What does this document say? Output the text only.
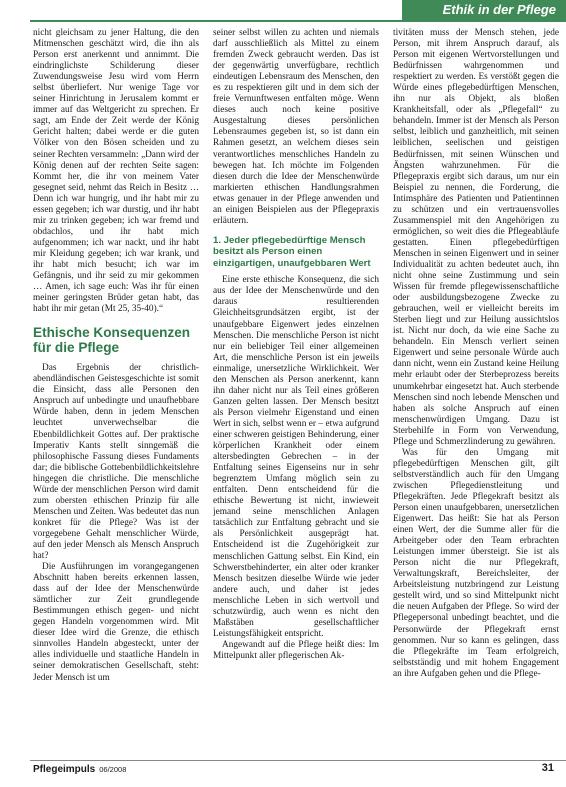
Ethik in der Pflege

nicht gleichsam zu jener Haltung, die den Mitmenschen geschätzt wird, die ihn als Person erst anerkennt und annimmt. Die eindringlichste Schilderung dieser Zuwendungsweise Jesu wird vom Herrn selbst überliefert. Nur wenige Tage vor seiner Hinrichtung in Jerusalem kommt er immer auf das Weltgericht zu sprechen. Er sagt, am Ende der Zeit werde der König Gericht halten; dabei werde er die guten Völker von den Bösen scheiden und zu seiner Rechten versammeln: „Dann wird der König denen auf der rechten Seite sagen: Kommt her, die ihr von meinem Vater gesegnet seid, nehmt das Reich in Besitz … Denn ich war hungrig, und ihr habt mir zu essen gegeben; ich war durstig, und ihr habt mir zu trinken gegeben; ich war fremd und obdachlos, und ihr habt mich aufgenommen; ich war nackt, und ihr habt mir Kleidung gegeben; ich war krank, und ihr habt mich besucht; ich war im Gefängnis, und ihr seid zu mir gekommen … Amen, ich sage euch: Was ihr für einen meiner geringsten Brüder getan habt, das habt ihr mir getan (Mt 25, 35-40).“

Ethische Konsequenzen für die Pflege

Das Ergebnis der christlich-abendländischen Geistesgeschichte ist somit die Einsicht, dass alle Personen den Anspruch auf unbedingte und unaufhebbare Würde haben, denn in jedem Menschen leuchtet unverwechselbar die Ebenbildlichkeit Gottes auf. Der praktische Imperativ Kants stellt sinngemäß die philosophische Fassung dieses Fundaments dar; die biblische Gottebenbildlichkeitslehre hingegen die christliche. Die menschliche Würde der menschlichen Person wird damit zum obersten ethischen Prinzip für alle Menschen und Zeiten. Was bedeutet das nun konkret für die Pflege? Was ist der vorgegebene Gehalt menschlicher Würde, auf den jeder Mensch als Mensch Anspruch hat?

Die Ausführungen im vorangegangenen Abschnitt haben bereits erkennen lassen, dass auf der Idee der Menschenwürde sämtlicher zur Zeit grundlegende Bestimmungen ethisch gegen- und nicht gegen Handeln vorgenommen wird. Mit dieser Idee wird die Grenze, die ethisch sinnvolles Handeln abgesteckt, unter der alles individuelle und staatliche Handeln in seiner demokratischen Gesellschaft, steht: Jeder Mensch ist um

seiner selbst willen zu achten und niemals darf ausschließlich als Mittel zu einem fremden Zweck gebraucht werden. Das ist der gegenwärtig unverfügbare, rechtlich eindeutigen Lebensraum des Menschen, den es zu respektieren gilt und in dem sich der freie Vernunftwesen entfalten möge. Wenn dieses auch noch keine positive Ausgestaltung dieses persönlichen Lebensraumes gegeben ist, so ist dann ein Rahmen gesetzt, an welchem dieses sein verantwortliches menschliches Handeln zu bewegen hat. Ich möchte im Folgenden diesen durch die Idee der Menschenwürde markierten ethischen Handlungsrahmen etwas genauer in der Pflege anwenden und an einigen Beispielen aus der Pflegepraxis erläutern.

1. Jeder pflegebedürftige Mensch besitzt als Person einen einzigartigen, unaufgebbaren Wert

Eine erste ethische Konsequenz, die sich aus der Idee der Menschenwürde und den daraus resultierenden Gleichheitsgrundsätzen ergibt, ist der unaufgebbare Eigenwert jedes einzelnen Menschen. Die menschliche Person ist nicht nur ein beliebiger Teil einer allgemeinen Art, die menschliche Person ist ein jeweils einmalige, unersetzliche Wirklichkeit. Wer den Menschen als Person anerkennt, kann ihn daher nicht nur als Teil eines größeren Ganzen gelten lassen. Der Mensch besitzt als Person vielmehr Eigenstand und einen Wert in sich, selbst wenn er – etwa aufgrund einer schweren geistigen Behinderung, einer körperlichen Krankheit oder einem altersbedingten Gebrechen – in der Entfaltung seines Eigenseins nur in sehr begrenztem Umfang möglich sein zu entfalten. Denn entscheidend für die ethische Bewertung ist nicht, inwieweit jemand seine menschlichen Anlagen tatsächlich zur Entfaltung gebracht und sie als Persönlichkeit ausgeprägt hat. Entscheidend ist die Zugehörigkeit zur menschlichen Gattung selbst. Ein Kind, ein Schwerstbehinderter, ein alter oder kranker Mensch besitzen dieselbe Würde wie jeder andere auch, und daher ist jedes menschliche Leben in sich wertvoll und schutzwürdig, auch wenn es nicht den Maßstäben gesellschaftlicher Leistungsfähigkeit entspricht.

Angewandt auf die Pflege heißt dies: Im Mittelpunkt aller pflegerischen Ak-

tivitäten muss der Mensch stehen, jede Person, mit ihrem Anspruch darauf, als Person mit eigenen Wertvorstellungen und Bedürfnissen wahrgenommen und respektiert zu werden. Es verstößt gegen die Würde eines pflegebedürftigen Menschen, ihn nur als Objekt, als bloßen Krankheitsfall, oder als „Pflegefall“ zu behandeln. Immer ist der Mensch als Person selbst, leiblich und ganzheitlich, mit seinen leiblichen, seelischen und geistigen Bedürfnissen, mit seinen Wünschen und Ängsten wahrzunehmen. Für die Pflegepraxis ergibt sich daraus, um nur ein Beispiel zu nennen, die Forderung, die Intimsphäre des Patienten und Patientinnen zu schützen und ein vertrauensvolles Zusammenspiel mit den Angehörigen zu ermöglichen, so weit dies die Pflegeabläufe gestatten. Einen pflegebedürftigen Menschen in seinen Eigenwert und in seiner Individualität zu achten bedeutet auch, ihn nicht ohne seine Zustimmung und sein Wissen für fremde pflegewissenschaftliche oder ausbildungsbezogene Zwecke zu gebrauchen, weil er vielleicht bereits im Sterben liegt und zur Heilung aussichtslos ist. Nicht nur doch, da wie eine Sache zu behandeln. Ein Mensch verliert seinen Eigenwert und seine personale Würde auch dann nicht, wenn ein Zustand keine Heilung mehr erlaubt oder der Sterbeprozess bereits unumkehrbar eingesetzt hat. Auch sterbende Menschen sind noch lebende Menschen und haben als solche Anspruch auf einen menschenwürdigen Umgang. Dazu ist Sterbehilfe in Form von Verwendung, Pflege und Schmerzlinderung zu gewähren.

Was für den Umgang mit pflegebedürftigen Menschen gilt, gilt selbstverständlich auch für den Umgang zwischen Pflegedienstleitung und Pflegekräften. Jede Pflegekraft besitzt als Person einen unaufgebbaren, unersetzlichen Eigenwert. Das heißt: Sie hat als Person einen Wert, der die Summe aller für die Arbeitgeber oder den Team erbrachten Leistungen immer übersteigt. Sie ist als Person nicht die nur Pflegekraft, Verwaltungskraft, Bereichsleiter, der Arbeitsleistung nutzbringend zur Leistung gestellt wird, und so sind Mittelpunkt nicht die neuen Aufgaben der Pflege. So wird der Pflegepersonal unbedingt beachtet, und die Personwürde der Pflegekraft ernst genommen. Nur so kann es gelingen, dass die Pflegekräfte im Team erfolgreich, selbstständig und mit hohem Engagement an ihre Aufgaben gehen und die Pflege-

Pflegeimpuls 06/2008	31
